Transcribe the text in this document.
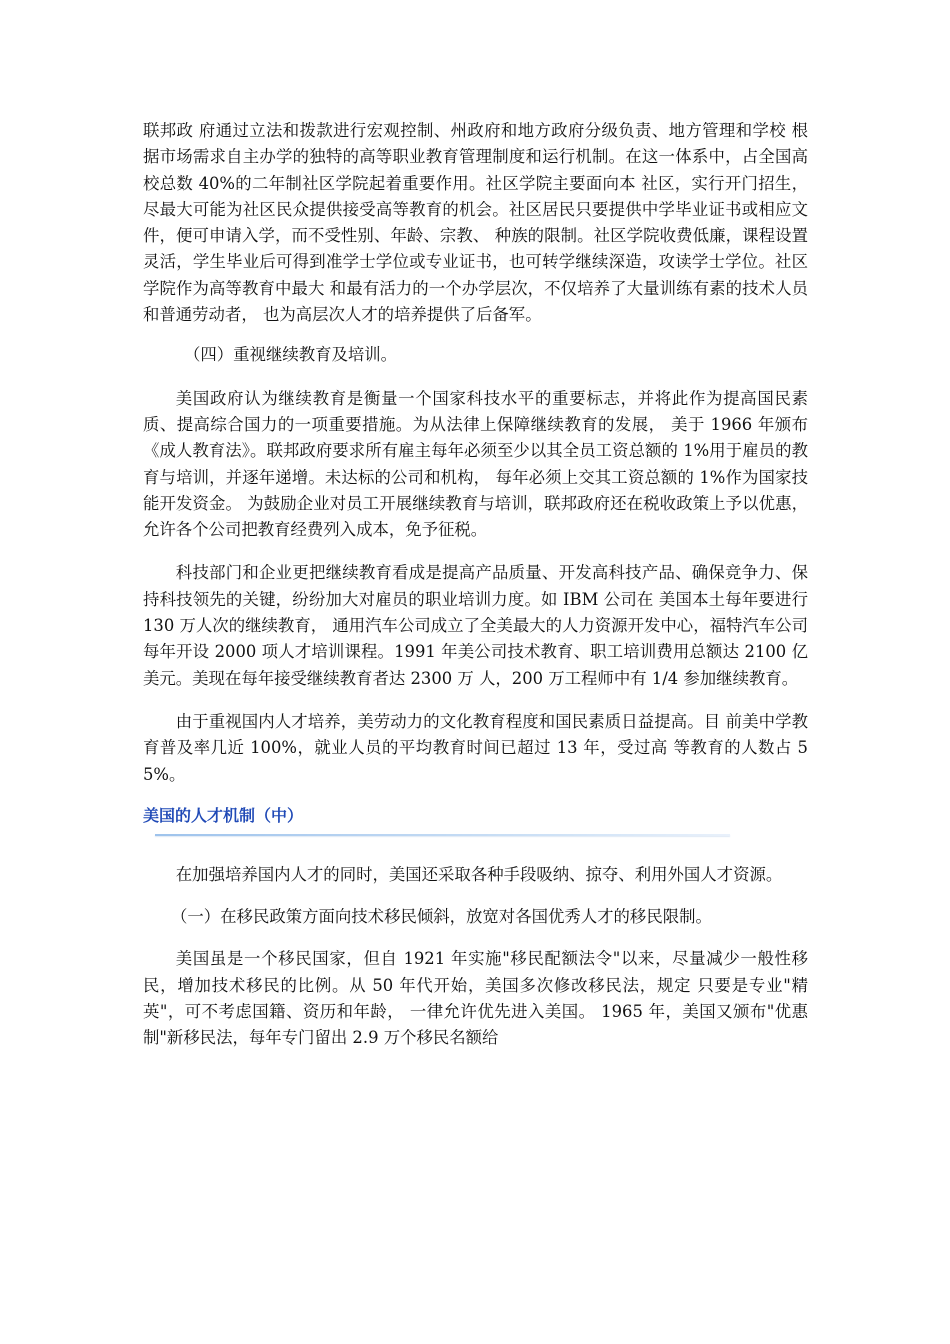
联邦政 府通过立法和拨款进行宏观控制、州政府和地方政府分级负责、地方管理和学校 根据市场需求自主办学的独特的高等职业教育管理制度和运行机制。在这一体系中，占全国高校总数 40%的二年制社区学院起着重要作用。社区学院主要面向本 社区，实行开门招生，尽最大可能为社区民众提供接受高等教育的机会。社区居民只要提供中学毕业证书或相应文件，便可申请入学，而不受性别、年龄、宗教、 种族的限制。社区学院收费低廉，课程设置灵活，学生毕业后可得到准学士学位或专业证书，也可转学继续深造，攻读学士学位。社区学院作为高等教育中最大 和最有活力的一个办学层次，不仅培养了大量训练有素的技术人员和普通劳动者， 也为高层次人才的培养提供了后备军。

（四）重视继续教育及培训。

美国政府认为继续教育是衡量一个国家科技水平的重要标志，并将此作为提高国民素质、提高综合国力的一项重要措施。为从法律上保障继续教育的发展， 美于 1966 年颁布《成人教育法》。联邦政府要求所有雇主每年必须至少以其全员工资总额的 1%用于雇员的教育与培训，并逐年递增。未达标的公司和机构， 每年必须上交其工资总额的 1%作为国家技能开发资金。 为鼓励企业对员工开展继续教育与培训，联邦政府还在税收政策上予以优惠，允许各个公司把教育经费列入成本，免予征税。

科技部门和企业更把继续教育看成是提高产品质量、开发高科技产品、确保竞争力、保持科技领先的关键，纷纷加大对雇员的职业培训力度。如 IBM 公司在 美国本土每年要进行 130 万人次的继续教育， 通用汽车公司成立了全美最大的人力资源开发中心，福特汽车公司每年开设 2000 项人才培训课程。1991 年美公司技术教育、职工培训费用总额达 2100 亿美元。美现在每年接受继续教育者达 2300 万 人，200 万工程师中有 1/4 参加继续教育。

由于重视国内人才培养，美劳动力的文化教育程度和国民素质日益提高。目 前美中学教育普及率几近 100%，就业人员的平均教育时间已超过 13 年，受过高 等教育的人数占 55%。

美国的人才机制（中）

在加强培养国内人才的同时，美国还采取各种手段吸纳、掠夺、利用外国人才资源。

（一）在移民政策方面向技术移民倾斜，放宽对各国优秀人才的移民限制。

美国虽是一个移民国家，但自 1921 年实施"移民配额法令"以来，尽量减少一般性移民，增加技术移民的比例。从 50 年代开始，美国多次修改移民法，规定 只要是专业"精英"，可不考虑国籍、资历和年龄， 一律允许优先进入美国。 1965 年，美国又颁布"优惠制"新移民法，每年专门留出 2.9 万个移民名额给
